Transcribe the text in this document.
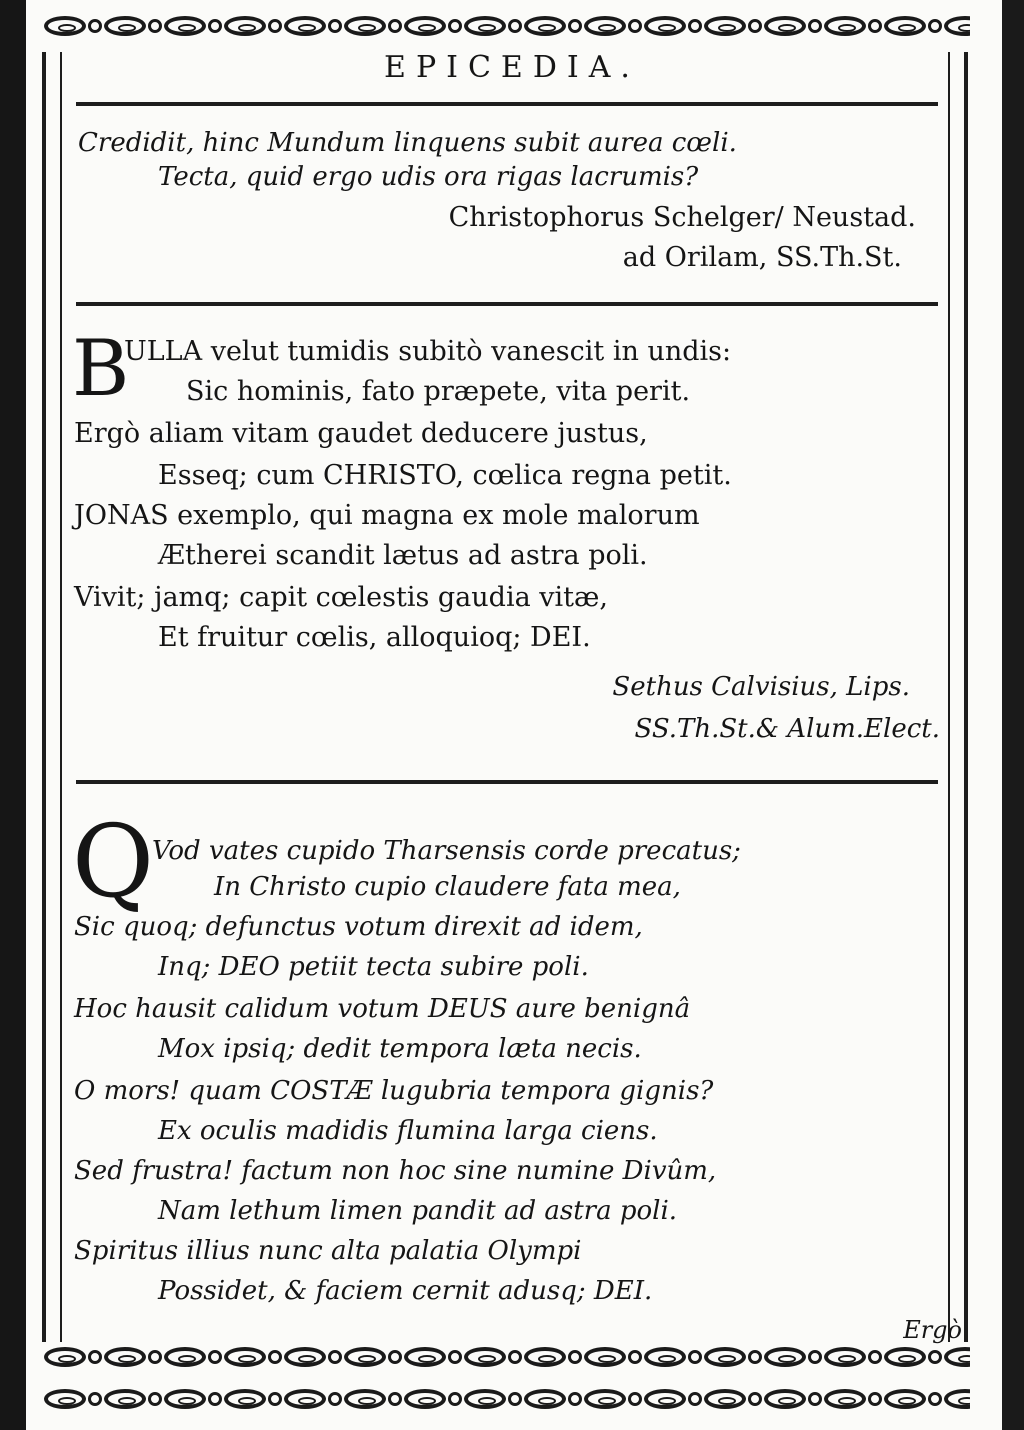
EPICEDIA.
Credidit, hinc Mundum linquens subit aurea cœli.
Tecta, quid ergo udis ora rigas lacrumis?
Christophorus Schelger/ Neustad.
ad Orilam, SS.Th.St.
B
ULLA velut tumidis subitò vanescit in undis:
Sic hominis, fato præpete, vita perit.
Ergò aliam vitam gaudet deducere justus,
Esseq; cum CHRISTO, cœlica regna petit.
JONAS exemplo, qui magna ex mole malorum
Ætherei scandit lætus ad astra poli.
Vivit; jamq; capit cœlestis gaudia vitæ,
Et fruitur cœlis, alloquioq; DEI.
Sethus Calvisius, Lips.
SS.Th.St.& Alum.Elect.
Q
Vod vates cupido Tharsensis corde precatus;
In Christo cupio claudere fata mea,
Sic quoq; defunctus votum direxit ad idem,
Inq; DEO petiit tecta subire poli.
Hoc hausit calidum votum DEUS aure benignâ
Mox ipsiq; dedit tempora læta necis.
O mors! quam COSTÆ lugubria tempora gignis?
Ex oculis madidis flumina larga ciens.
Sed frustra! factum non hoc sine numine Divûm,
Nam lethum limen pandit ad astra poli.
Spiritus illius nunc alta palatia Olympi
Possidet, & faciem cernit adusq; DEI.
Ergò
